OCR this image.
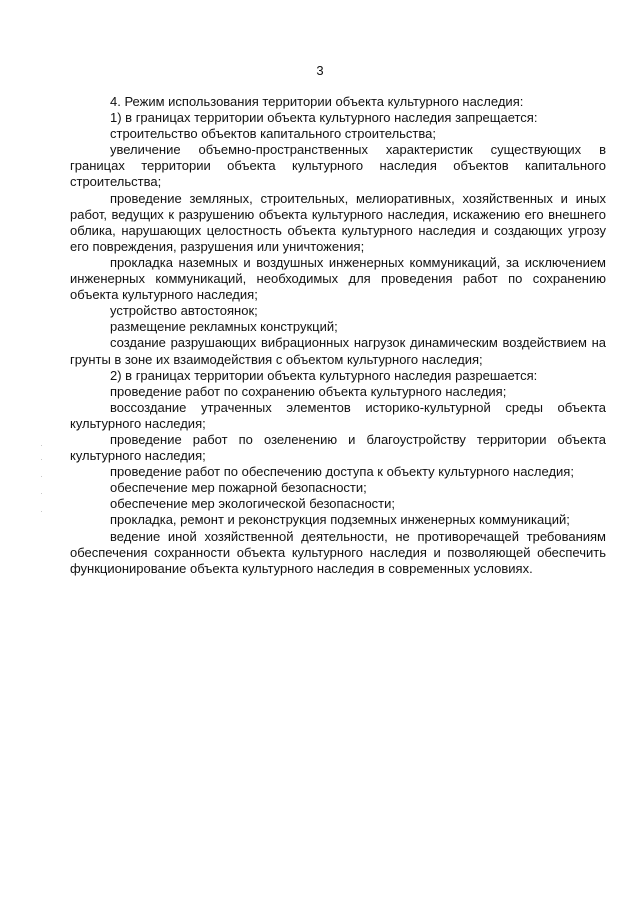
3

4. Режим использования территории объекта культурного наследия:

1) в границах территории объекта культурного наследия запрещается:

строительство объектов капитального строительства;

увеличение объемно-пространственных характеристик существующих в границах территории объекта культурного наследия объектов капитального строительства;

проведение земляных, строительных, мелиоративных, хозяйственных и иных работ, ведущих к разрушению объекта культурного наследия, искажению его внешнего облика, нарушающих целостность объекта культурного наследия и создающих угрозу его повреждения, разрушения или уничтожения;

прокладка наземных и воздушных инженерных коммуникаций, за исключением инженерных коммуникаций, необходимых для проведения работ по сохранению объекта культурного наследия;

устройство автостоянок;

размещение рекламных конструкций;

создание разрушающих вибрационных нагрузок динамическим воздействием на грунты в зоне их взаимодействия с объектом культурного наследия;

2) в границах территории объекта культурного наследия разрешается:

проведение работ по сохранению объекта культурного наследия;

воссоздание утраченных элементов историко-культурной среды объекта культурного наследия;

проведение работ по озеленению и благоустройству территории объекта культурного наследия;

проведение работ по обеспечению доступа к объекту культурного наследия;

обеспечение мер пожарной безопасности;

обеспечение мер экологической безопасности;

прокладка, ремонт и реконструкция подземных инженерных коммуникаций;

ведение иной хозяйственной деятельности, не противоречащей требованиям обеспечения сохранности объекта культурного наследия и позволяющей обеспечить функционирование объекта культурного наследия в современных условиях.
